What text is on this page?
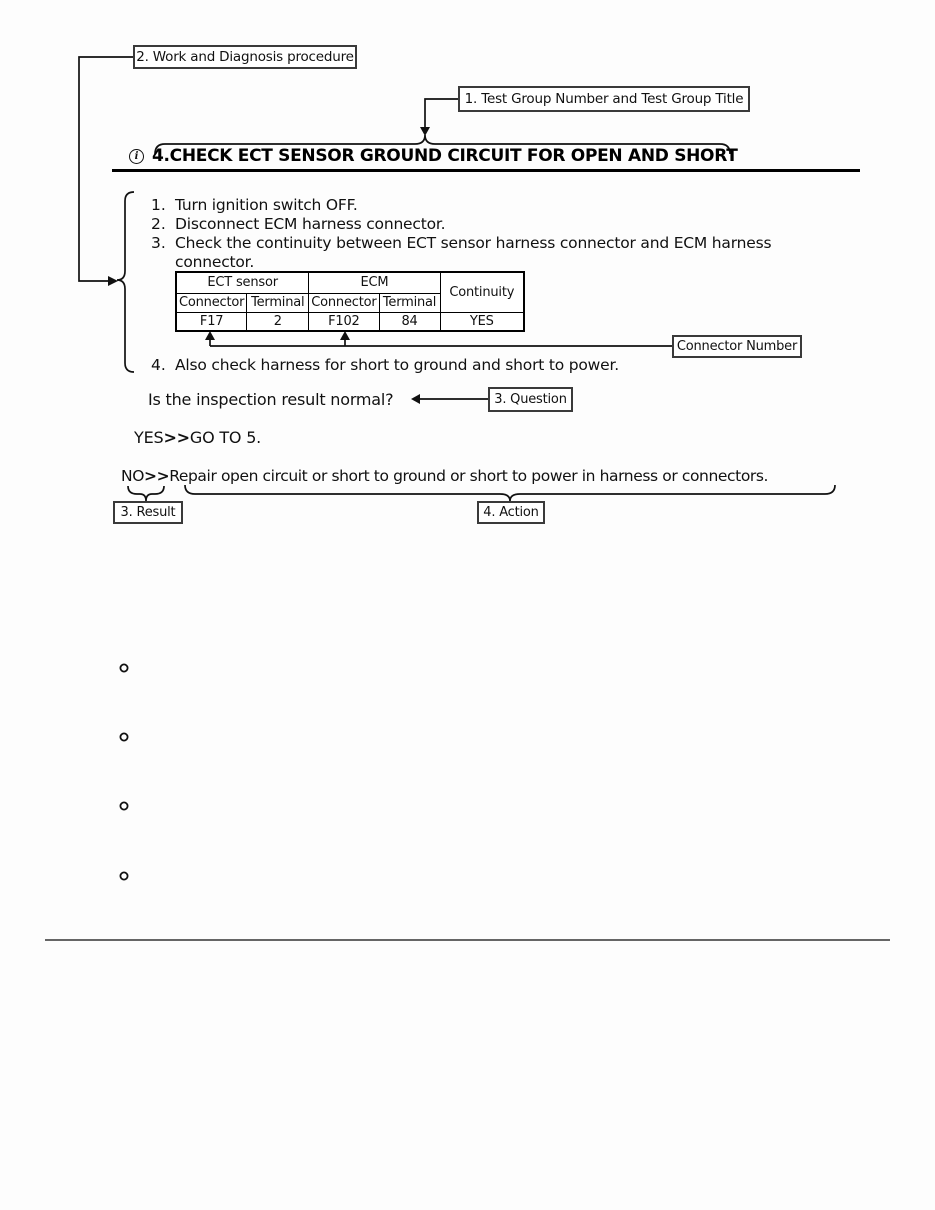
2. Work and Diagnosis procedure
1. Test Group Number and Test Group Title
Connector Number
3. Question
3. Result	4. Action
i 4.CHECK ECT SENSOR GROUND CIRCUIT FOR OPEN AND SHORT
1. Turn ignition switch OFF.
2. Disconnect ECM harness connector.
3. Check the continuity between ECT sensor harness connector and ECM harness
connector.
4. Also check harness for short to ground and short to power.
ECT sensor		ECM		Continuity
Connector	Terminal	Connector	Terminal	
F17	2	F102	84	YES
Is the inspection result normal?
YES>>GO TO 5.
NO>>Repair open circuit or short to ground or short to power in harness or connectors.
